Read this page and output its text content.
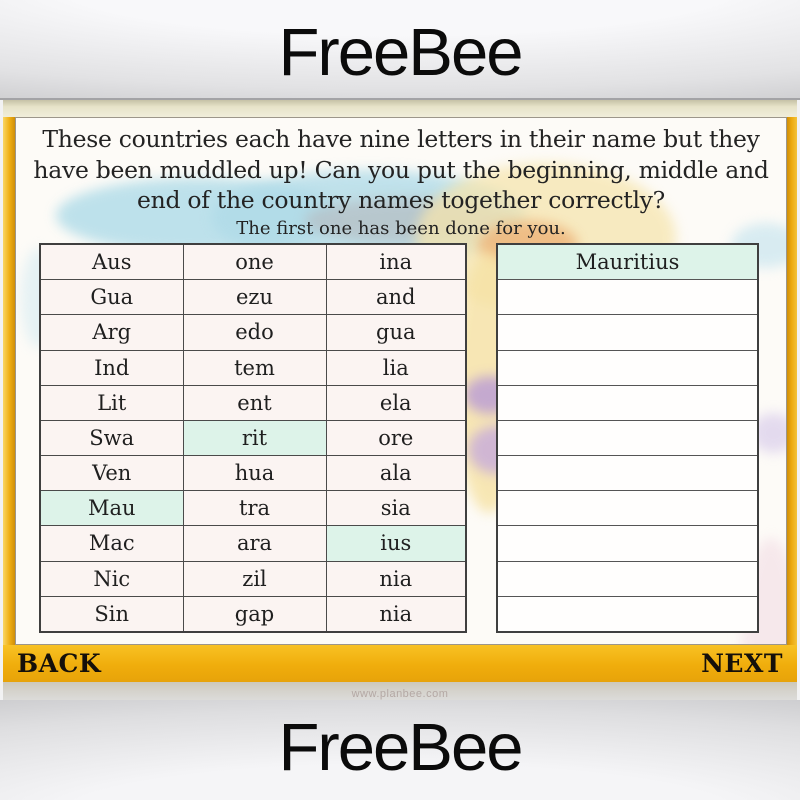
FreeBee
These countries each have nine letters in their name but they
have been muddled up! Can you put the beginning, middle and
end of the country names together correctly?
The first one has been done for you.
Aus	one	ina
Gua	ezu	and
Arg	edo	gua
Ind	tem	lia
Lit	ent	ela
Swa	rit	ore
Ven	hua	ala
Mau	tra	sia
Mac	ara	ius
Nic	zil	nia
Sin	gap	nia
Mauritius

BACK	NEXT
www.planbee.com
FreeBee
